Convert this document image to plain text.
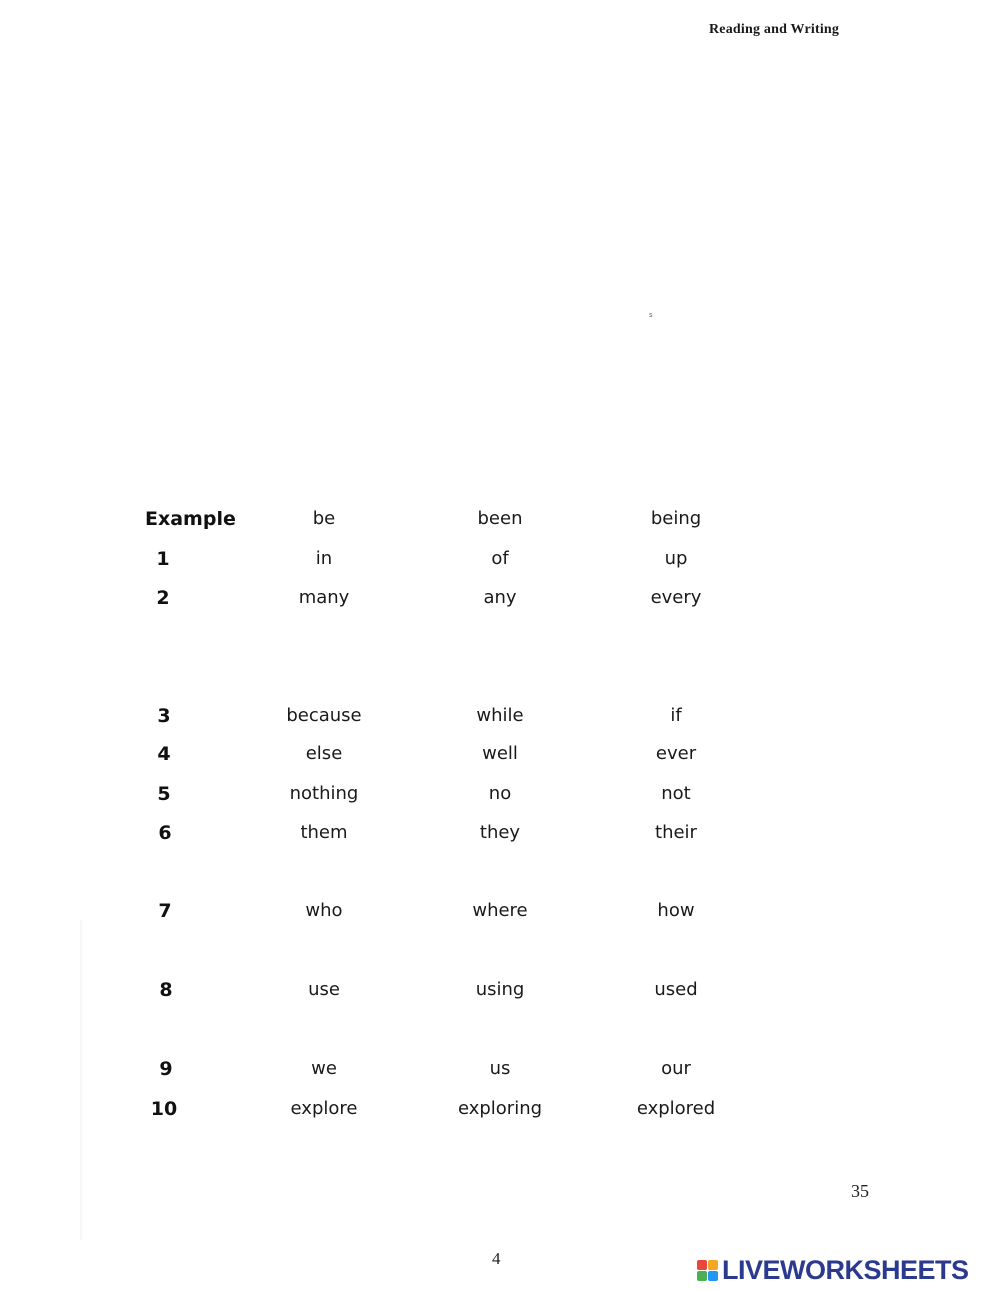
Reading and Writing
s
Example	be	been	being
1	in	of	up
2	many	any	every
3	because	while	if
4	else	well	ever
5	nothing	no	not
6	them	they	their
7	who	where	how
8	use	using	used
9	we	us	our
10	explore	exploring	explored
35
4	LIVEWORKSHEETS
